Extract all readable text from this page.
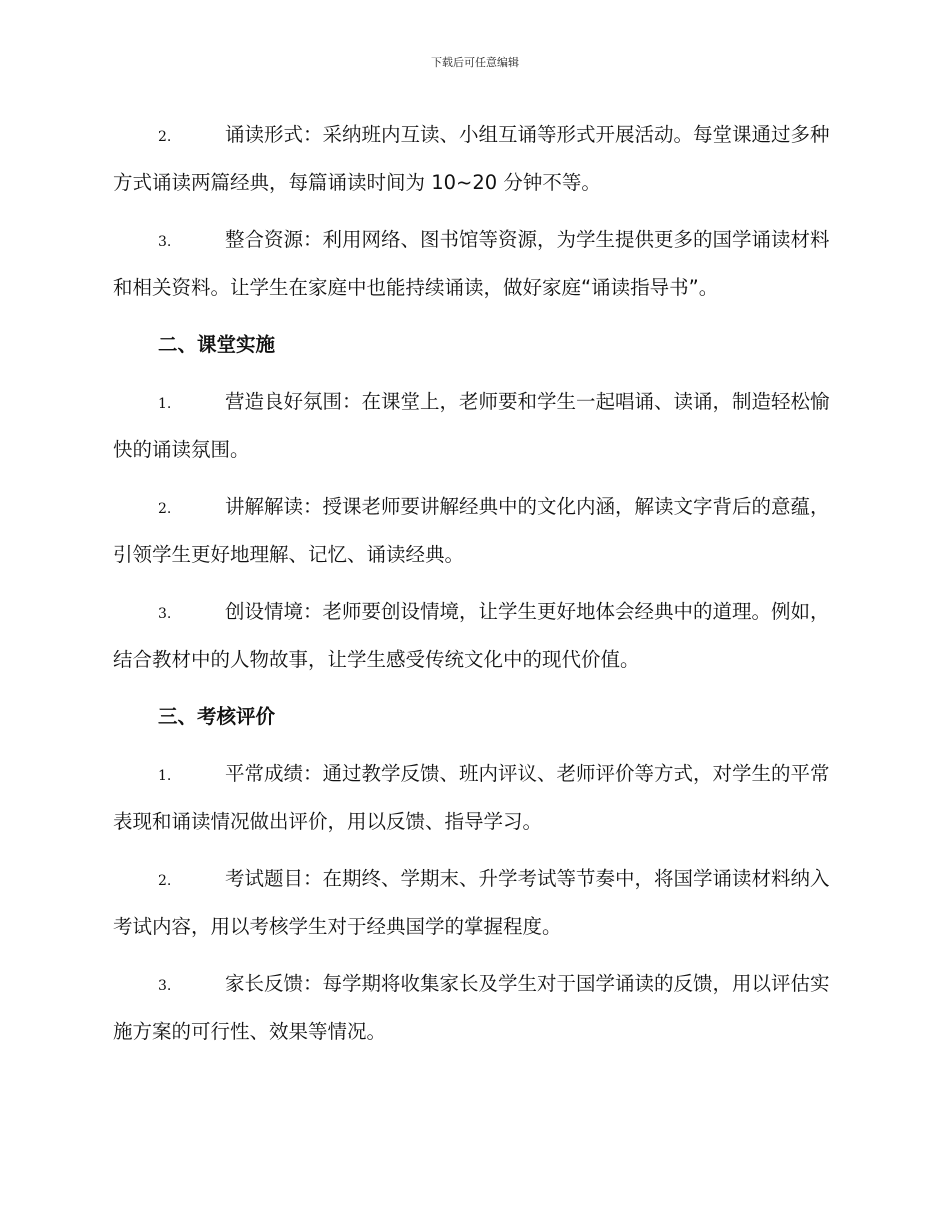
下载后可任意编辑

2.	诵读形式：采纳班内互读、小组互诵等形式开展活动。每堂课通过多种方式诵读两篇经典，每篇诵读时间为 10~20 分钟不等。

3.	整合资源：利用网络、图书馆等资源，为学生提供更多的国学诵读材料和相关资料。让学生在家庭中也能持续诵读，做好家庭“诵读指导书”。

二、课堂实施

1.	营造良好氛围：在课堂上，老师要和学生一起唱诵、读诵，制造轻松愉快的诵读氛围。

2.	讲解解读：授课老师要讲解经典中的文化内涵，解读文字背后的意蕴，引领学生更好地理解、记忆、诵读经典。

3.	创设情境：老师要创设情境，让学生更好地体会经典中的道理。例如，结合教材中的人物故事，让学生感受传统文化中的现代价值。

三、考核评价

1.	平常成绩：通过教学反馈、班内评议、老师评价等方式，对学生的平常表现和诵读情况做出评价，用以反馈、指导学习。

2.	考试题目：在期终、学期末、升学考试等节奏中，将国学诵读材料纳入考试内容，用以考核学生对于经典国学的掌握程度。

3.	家长反馈：每学期将收集家长及学生对于国学诵读的反馈，用以评估实施方案的可行性、效果等情况。
